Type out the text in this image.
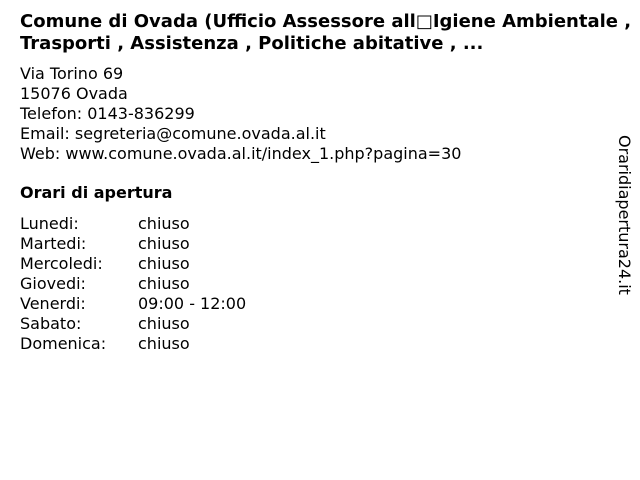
Comune di Ovada (Ufficio Assessore all□Igiene Ambientale , Trasporti , Assistenza , Politiche abitative , ...
Via Torino 69
15076 Ovada
Telefon: 0143-836299
Email: segreteria@comune.ovada.al.it
Web: www.comune.ovada.al.it/index_1.php?pagina=30
Orari di apertura
Lunedi:	chiuso
Martedi:	chiuso
Mercoledi:	chiuso
Giovedi:	chiuso
Venerdi:	09:00 - 12:00
Sabato:	chiuso
Domenica:	chiuso
Oraridiapertura24.it
